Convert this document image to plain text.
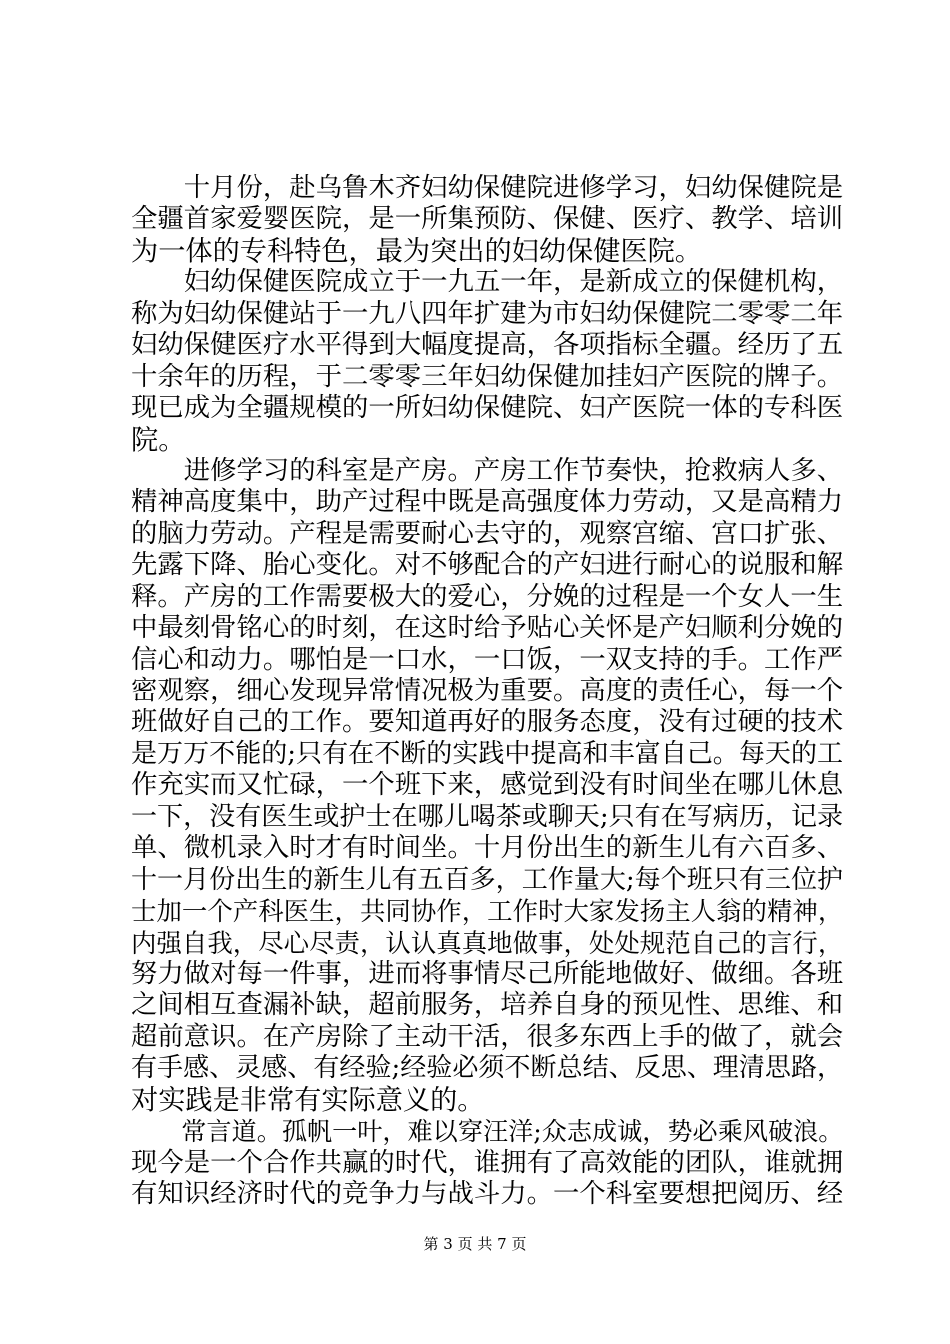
　　十月份，赴乌鲁木齐妇幼保健院进修学习，妇幼保健院是
全疆首家爱婴医院，是一所集预防、保健、医疗、教学、培训
为一体的专科特色，最为突出的妇幼保健医院。
　　妇幼保健医院成立于一九五一年，是新成立的保健机构，
称为妇幼保健站于一九八四年扩建为市妇幼保健院二零零二年
妇幼保健医疗水平得到大幅度提高，各项指标全疆。经历了五
十余年的历程，于二零零三年妇幼保健加挂妇产医院的牌子。
现已成为全疆规模的一所妇幼保健院、妇产医院一体的专科医
院。
　　进修学习的科室是产房。产房工作节奏快，抢救病人多、
精神高度集中，助产过程中既是高强度体力劳动，又是高精力
的脑力劳动。产程是需要耐心去守的，观察宫缩、宫口扩张、
先露下降、胎心变化。对不够配合的产妇进行耐心的说服和解
释。产房的工作需要极大的爱心，分娩的过程是一个女人一生
中最刻骨铭心的时刻，在这时给予贴心关怀是产妇顺利分娩的
信心和动力。哪怕是一口水，一口饭，一双支持的手。工作严
密观察，细心发现异常情况极为重要。高度的责任心，每一个
班做好自己的工作。要知道再好的服务态度，没有过硬的技术
是万万不能的;只有在不断的实践中提高和丰富自己。每天的工
作充实而又忙碌，一个班下来，感觉到没有时间坐在哪儿休息
一下，没有医生或护士在哪儿喝茶或聊天;只有在写病历，记录
单、微机录入时才有时间坐。十月份出生的新生儿有六百多、
十一月份出生的新生儿有五百多，工作量大;每个班只有三位护
士加一个产科医生，共同协作，工作时大家发扬主人翁的精神，
内强自我，尽心尽责，认认真真地做事，处处规范自己的言行，
努力做对每一件事，进而将事情尽己所能地做好、做细。各班
之间相互查漏补缺，超前服务，培养自身的预见性、思维、和
超前意识。在产房除了主动干活，很多东西上手的做了，就会
有手感、灵感、有经验;经验必须不断总结、反思、理清思路，
对实践是非常有实际意义的。
　　常言道。孤帆一叶，难以穿汪洋;众志成诚，势必乘风破浪。
现今是一个合作共赢的时代，谁拥有了高效能的团队，谁就拥
有知识经济时代的竞争力与战斗力。一个科室要想把阅历、经
第 3 页 共 7 页
